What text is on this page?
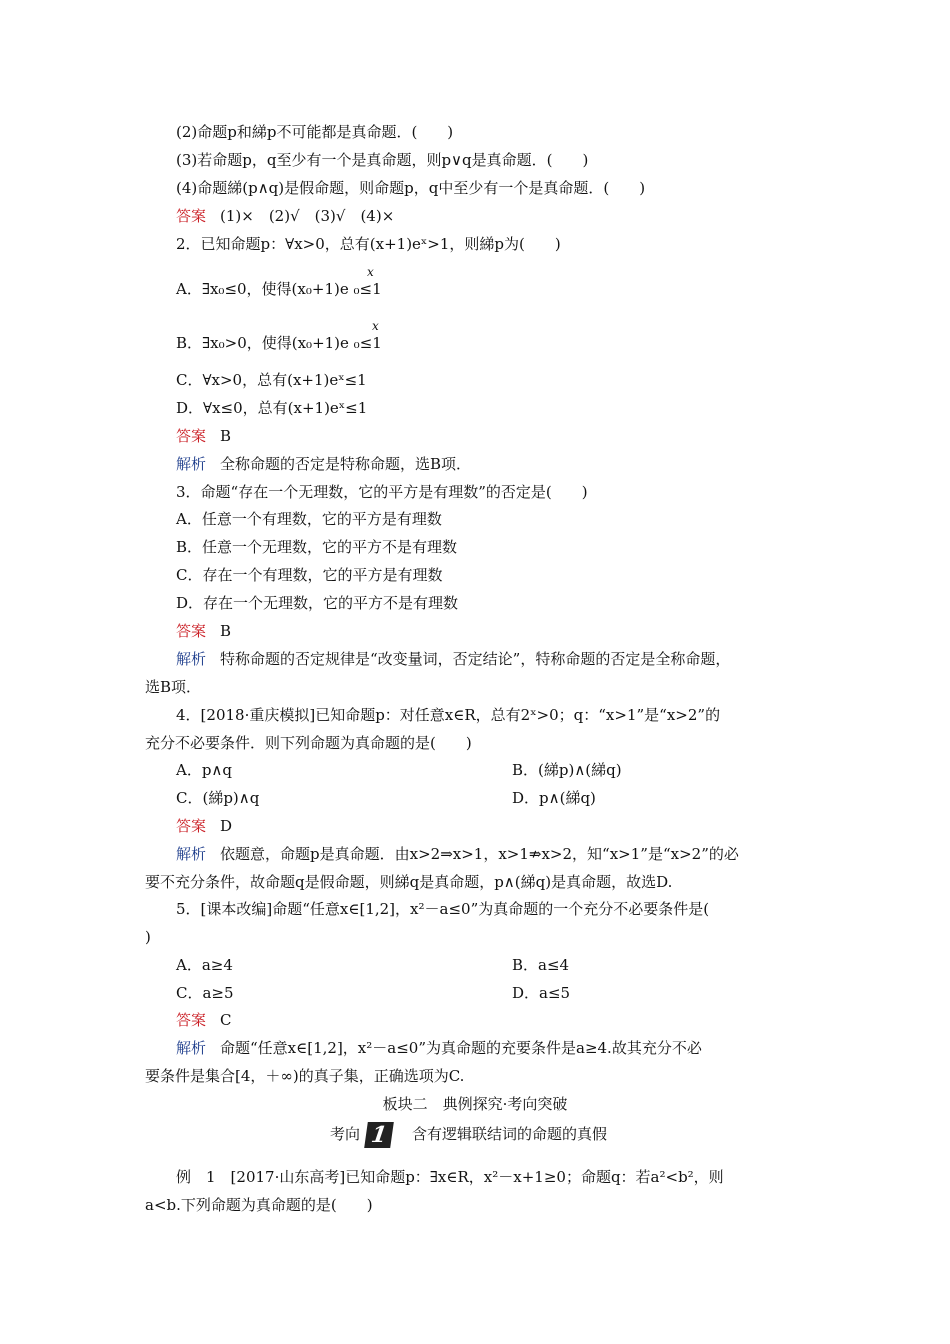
(2)命题p和綈p不可能都是真命题．(　　)
(3)若命题p，q至少有一个是真命题，则p∨q是真命题．(　　)
(4)命题綈(p∧q)是假命题，则命题p，q中至少有一个是真命题．(　　)
答案 (1)×　(2)√　(3)√　(4)×
2．已知命题p：∀x>0，总有(x+1)eˣ>1，则綈p为(　　)
x
A．∃x₀≤0，使得(x₀+1)e ₀≤1
x
B．∃x₀>0，使得(x₀+1)e ₀≤1
C．∀x>0，总有(x+1)eˣ≤1
D．∀x≤0，总有(x+1)eˣ≤1
答案 B
解析 全称命题的否定是特称命题，选B项．
3．命题“存在一个无理数，它的平方是有理数”的否定是(　　)
A．任意一个有理数，它的平方是有理数
B．任意一个无理数，它的平方不是有理数
C．存在一个有理数，它的平方是有理数
D．存在一个无理数，它的平方不是有理数
答案 B
解析 特称命题的否定规律是“改变量词，否定结论”，特称命题的否定是全称命题，
选B项．
4．[2018·重庆模拟]已知命题p：对任意x∈R，总有2ˣ>0；q：“x>1”是“x>2”的
充分不必要条件．则下列命题为真命题的是(　　)
A．p∧q	B．(綈p)∧(綈q)
C．(綈p)∧q	D．p∧(綈q)
答案 D
解析 依题意，命题p是真命题．由x>2⇒x>1，x>1⇏x>2，知“x>1”是“x>2”的必
要不充分条件，故命题q是假命题，则綈q是真命题，p∧(綈q)是真命题，故选D.
5．[课本改编]命题“任意x∈[1,2]，x²－a≤0”为真命题的一个充分不必要条件是(
)
A．a≥4	B．a≤4
C．a≥5	D．a≤5
答案 C
解析 命题“任意x∈[1,2]，x²－a≤0”为真命题的充要条件是a≥4.故其充分不必
要条件是集合[4，＋∞)的真子集，正确选项为C.
板块二　典例探究·考向突破
考向 1 含有逻辑联结词的命题的真假
例　1　[2017·山东高考]已知命题p：∃x∈R，x²－x+1≥0；命题q：若a²<b²，则
a<b.下列命题为真命题的是(　　)
